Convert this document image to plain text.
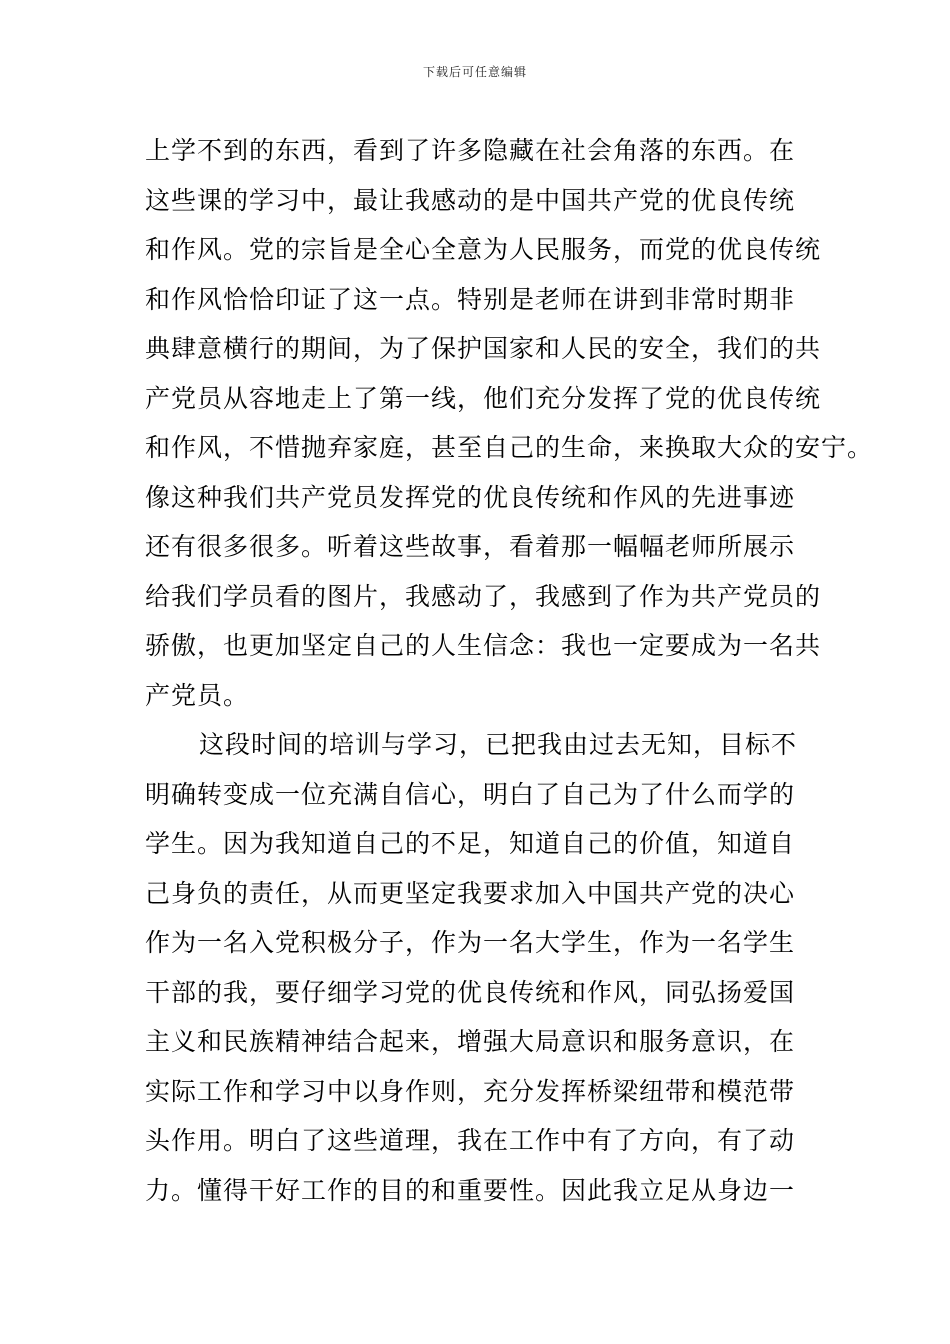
下载后可任意编辑
上学不到的东西，看到了许多隐藏在社会角落的东西。在
这些课的学习中，最让我感动的是中国共产党的优良传统
和作风。党的宗旨是全心全意为人民服务，而党的优良传统
和作风恰恰印证了这一点。特别是老师在讲到非常时期非
典肆意横行的期间，为了保护国家和人民的安全，我们的共
产党员从容地走上了第一线，他们充分发挥了党的优良传统
和作风，不惜抛弃家庭，甚至自己的生命，来换取大众的安宁。
像这种我们共产党员发挥党的优良传统和作风的先进事迹
还有很多很多。听着这些故事，看着那一幅幅老师所展示
给我们学员看的图片，我感动了，我感到了作为共产党员的
骄傲，也更加坚定自己的人生信念：我也一定要成为一名共
产党员。
这段时间的培训与学习，已把我由过去无知，目标不
明确转变成一位充满自信心，明白了自己为了什么而学的
学生。因为我知道自己的不足，知道自己的价值，知道自
己身负的责任，从而更坚定我要求加入中国共产党的决心
作为一名入党积极分子，作为一名大学生，作为一名学生
干部的我，要仔细学习党的优良传统和作风，同弘扬爱国
主义和民族精神结合起来，增强大局意识和服务意识，在
实际工作和学习中以身作则，充分发挥桥梁纽带和模范带
头作用。明白了这些道理，我在工作中有了方向，有了动
力。懂得干好工作的目的和重要性。因此我立足从身边一
